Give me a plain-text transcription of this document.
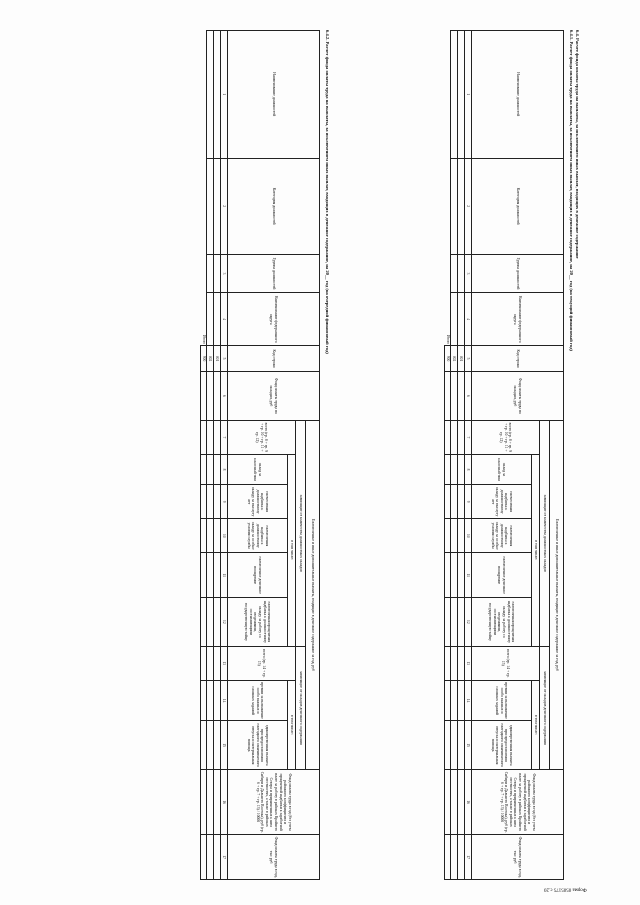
6.4. Расчет фонда оплаты труда на выплаты, за исключением иных выплат, входящих в денежное содержание
6.4.1. Расчет фонда оплаты труда на выплаты, за исключением иных выплат, входящих в денежное содержание, на 20__ год (на текущий финансовый год)
Наименование должностей	Категория должностей	Группа должностей	Наименование федерального округа	Код строки	Фонд оплаты труда по окладам, руб	Ежемесячные и иные дополнительные выплаты, входящие в денежное содержание за год, руб									Фонд оплаты труда в год (без учета районного коэффициента и процентной надбавки к заработной плате за работу в районах Крайнего Севера и приравненных к ним местностях, а также в районах Сибири и Дальнего Востока), руб (гр. 6 + гр. 7 + гр. 13) / 10000	Фонд оплаты труда в год, тыс руб
						зависящие от количества должностных окладов						зависящие от окладов денежного содержания				
						всего (гр. 8 + гр. 9 + гр. 10 + гр. 11 + гр. 12)	в том числе:					всего (гр. 14 + гр. 15)	в том числе:			
							оклад за классный чин	ежемесячная надбавка к должностному окладу за выслугу лет	ежемесячная надбавка к должностному окладу за особые условия службы	ежемесячное денежное поощрение	ежемесячная процентная надбавка к должностному окладу за работу со сведениями, составляющими государственную тайну		премии за выполнение особо важных и сложных заданий	единовременная выплата при предоставлении ежегодного оплачиваемого отпуска и материальная помощь		
1	2	3	4	5	6	7	8	9	10	11	12	13	14	15	16	17
				001												
				002												
Итого				900												
6.4.2. Расчет фонда оплаты труда на выплаты, за исключением иных выплат, входящих в денежное содержание, на 20__ год (на очередной финансовый год)
Наименование должностей	Категория должностей	Группа должностей	Наименование федерального округа	Код строки	Фонд оплаты труда по окладам, руб	Ежемесячные и иные дополнительные выплаты, входящие в денежное содержание за год, руб									Фонд оплаты труда в год (без учета районного коэффициента и процентной надбавки к заработной плате за работу в районах Крайнего Севера и приравненных к ним местностях, а также в районах Сибири и Дальнего Востока), руб (гр. 6 + гр. 7 + гр. 13) / 10000	Фонд оплаты труда в год, тыс руб
						зависящие от количества должностных окладов						зависящие от окладов денежного содержания				
						всего (гр. 8 + гр. 9 + гр. 10 + гр. 11 + гр. 12)	в том числе:					всего (гр. 14 + гр. 15)	в том числе:			
							оклад за классный чин	ежемесячная надбавка к должностному окладу за выслугу лет	ежемесячная надбавка к должностному окладу за особые условия службы	ежемесячное денежное поощрение	ежемесячная процентная надбавка к должностному окладу за работу со сведениями, составляющими государственную тайну		премии за выполнение особо важных и сложных заданий	единовременная выплата при предоставлении ежегодного оплачиваемого отпуска и материальная помощь		
1	2	3	4	5	6	7	8	9	10	11	12	13	14	15	16	17
				001												
				002												
Итого				900												
Форма 0505175 с.20
